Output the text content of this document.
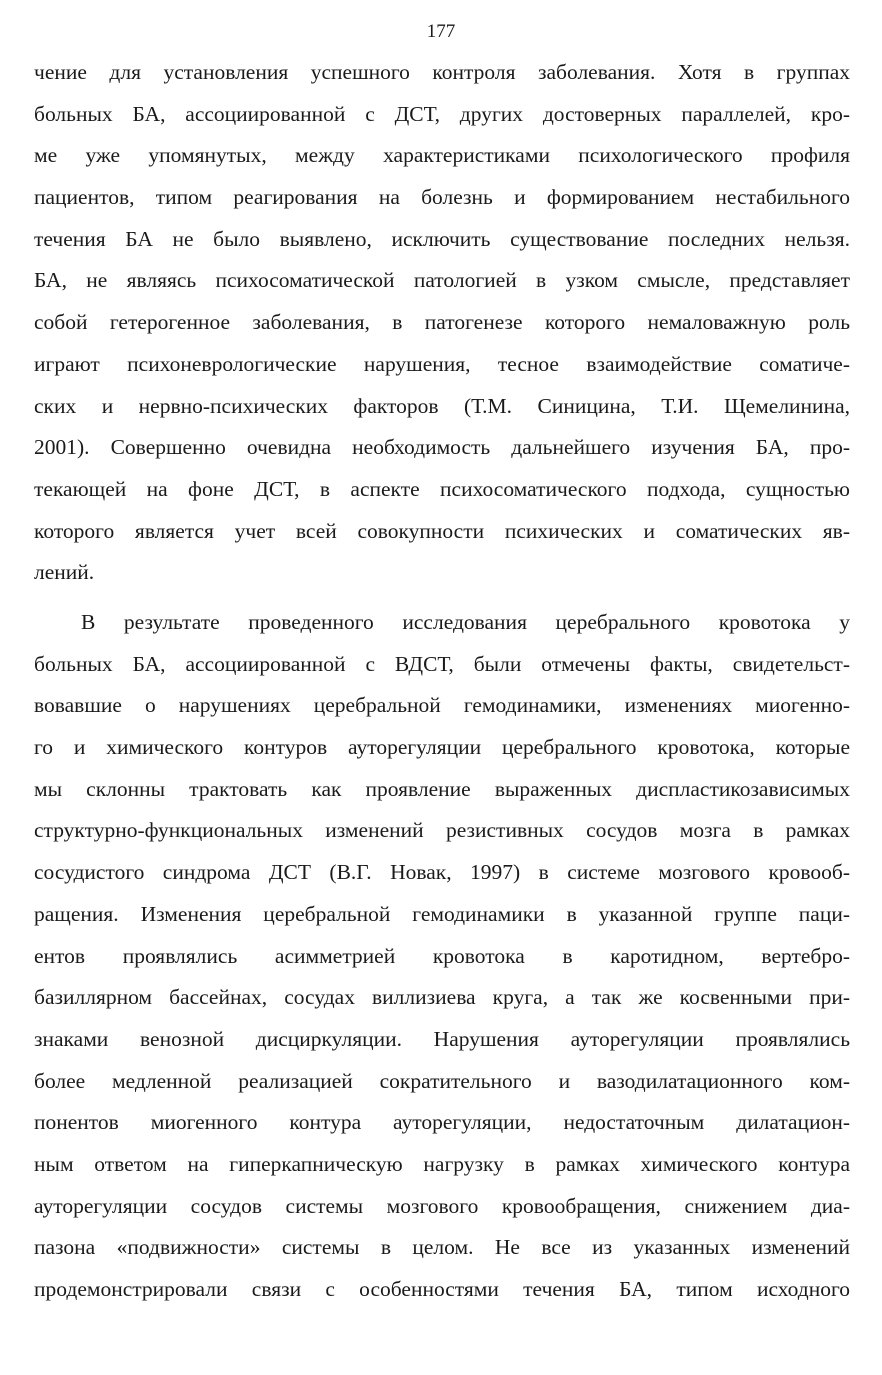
177
чение для установления успешного контроля заболевания. Хотя в группах
больных БА, ассоциированной с ДСТ, других достоверных параллелей, кро-
ме уже упомянутых, между характеристиками психологического профиля
пациентов, типом реагирования на болезнь и формированием нестабильного
течения БА не было выявлено, исключить существование последних нельзя.
БА, не являясь психосоматической патологией в узком смысле, представляет
собой гетерогенное заболевания, в патогенезе которого немаловажную роль
играют психоневрологические нарушения, тесное взаимодействие соматиче-
ских и нервно-психических факторов (Т.М. Синицина, Т.И. Щемелинина,
2001). Совершенно очевидна необходимость дальнейшего изучения БА, про-
текающей на фоне ДСТ, в аспекте психосоматического подхода, сущностью
которого является учет всей совокупности психических и соматических яв-
лений.
В результате проведенного исследования церебрального кровотока у
больных БА, ассоциированной с ВДСТ, были отмечены факты, свидетельст-
вовавшие о нарушениях церебральной гемодинамики, изменениях миогенно-
го и химического контуров ауторегуляции церебрального кровотока, которые
мы склонны трактовать как проявление выраженных диспластикозависимых
структурно-функциональных изменений резистивных сосудов мозга в рамках
сосудистого синдрома ДСТ (В.Г. Новак, 1997) в системе мозгового кровооб-
ращения. Изменения церебральной гемодинамики в указанной группе паци-
ентов проявлялись асимметрией кровотока в каротидном, вертебро-
базиллярном бассейнах, сосудах виллизиева круга, а так же косвенными при-
знаками венозной дисциркуляции. Нарушения ауторегуляции проявлялись
более медленной реализацией сократительного и вазодилатационного ком-
понентов миогенного контура ауторегуляции, недостаточным дилатацион-
ным ответом на гиперкапническую нагрузку в рамках химического контура
ауторегуляции сосудов системы мозгового кровообращения, снижением диа-
пазона «подвижности» системы в целом. Не все из указанных изменений
продемонстрировали связи с особенностями течения БА, типом исходного
